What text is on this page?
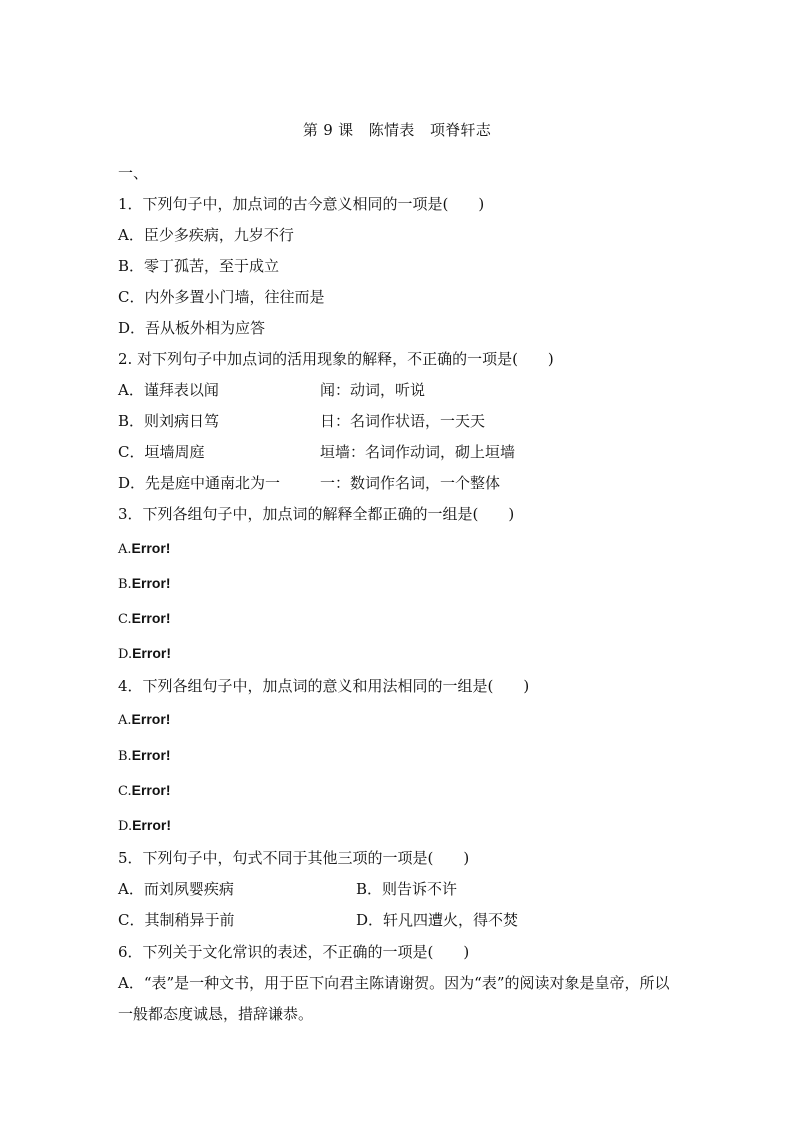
第 9 课　陈情表　项脊轩志
一、
1．下列句子中，加点词的古今意义相同的一项是(　　)
A．臣少多疾病，九岁不行
B．零丁孤苦，至于成立
C．内外多置小门墙，往往而是
D．吾从板外相为应答
2. 对下列句子中加点词的活用现象的解释，不正确的一项是(　　)
A．谨拜表以闻	闻：动词，听说
B．则刘病日笃	日：名词作状语，一天天
C．垣墙周庭	垣墙：名词作动词，砌上垣墙
D．先是庭中通南北为一	一：数词作名词，一个整体
3．下列各组句子中，加点词的解释全都正确的一组是(　　)
A.Error!
B.Error!
C.Error!
D.Error!
4．下列各组句子中，加点词的意义和用法相同的一组是(　　)
A.Error!
B.Error!
C.Error!
D.Error!
5．下列句子中，句式不同于其他三项的一项是(　　)
A．而刘夙婴疾病	B．则告诉不许
C．其制稍异于前	D．轩凡四遭火，得不焚
6．下列关于文化常识的表述，不正确的一项是(　　)
A．“表”是一种文书，用于臣下向君主陈请谢贺。因为“表”的阅读对象是皇帝，所以一般都态度诚恳，措辞谦恭。
